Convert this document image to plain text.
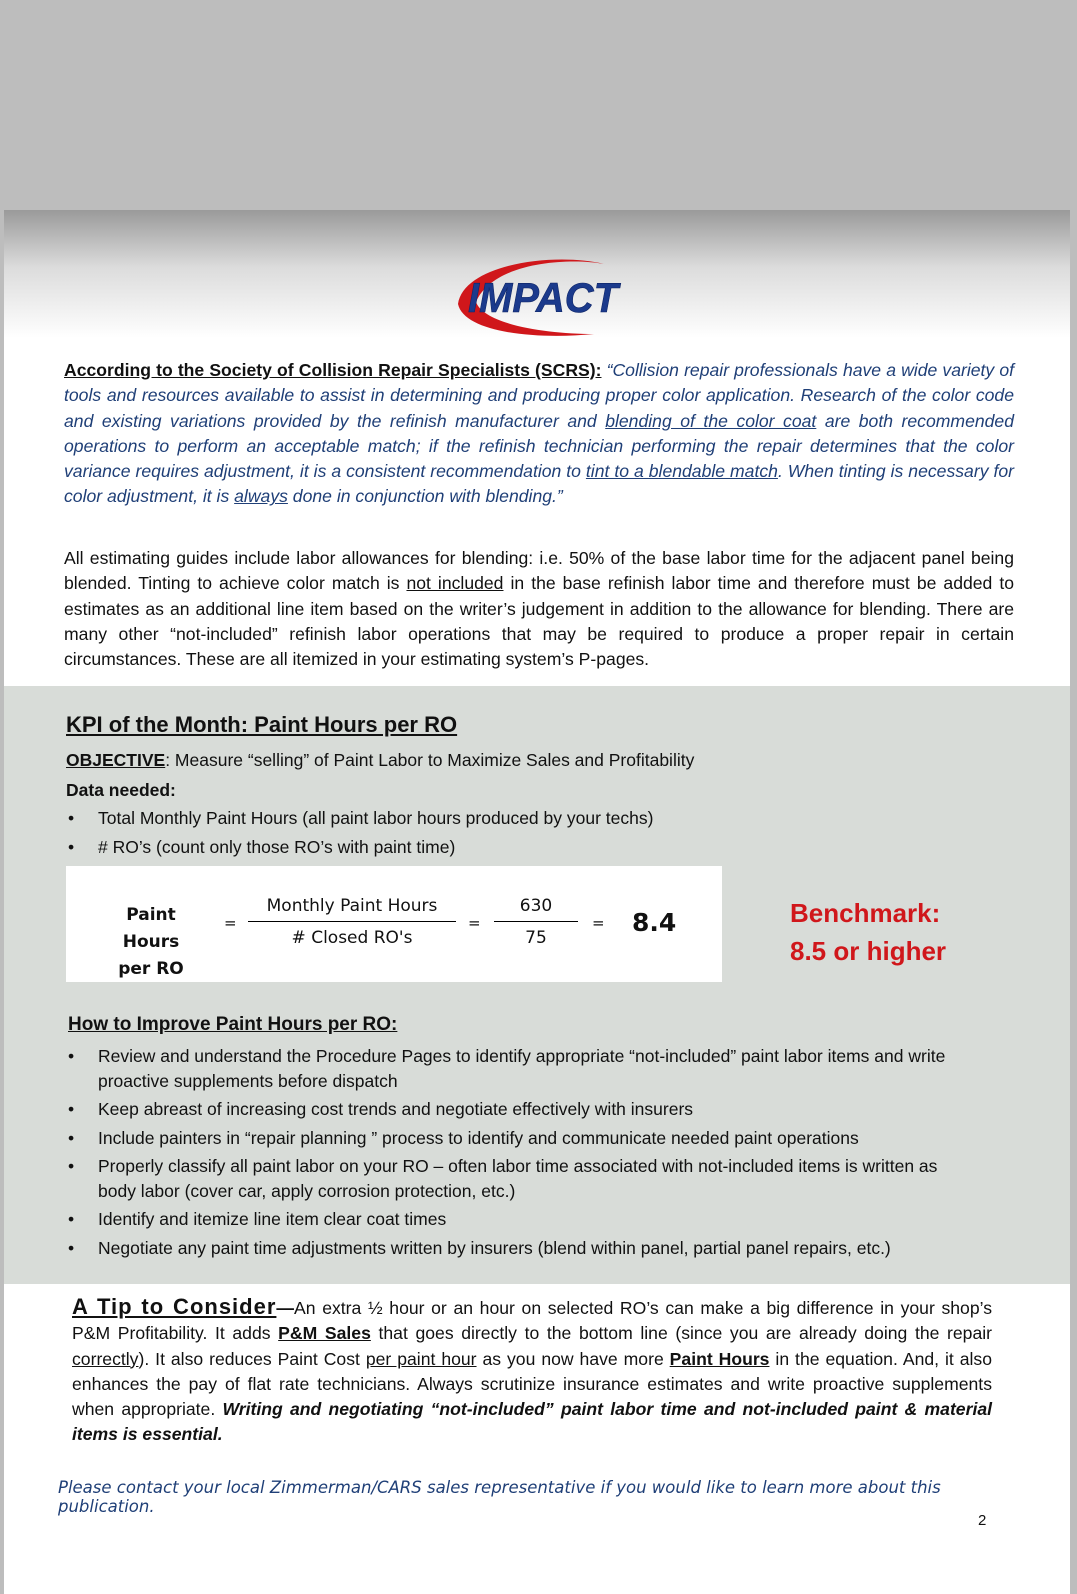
IMPACT
According to the Society of Collision Repair Specialists (SCRS): “Collision repair professionals have a wide variety of tools and resources available to assist in determining and producing proper color application. Research of the color code and existing variations provided by the refinish manufacturer and blending of the color coat are both recommended operations to perform an acceptable match; if the refinish technician performing the repair determines that the color variance requires adjustment, it is a consistent recommendation to tint to a blendable match. When tinting is necessary for color adjustment, it is always done in conjunction with blending.”
All estimating guides include labor allowances for blending: i.e. 50% of the base labor time for the adjacent panel being blended. Tinting to achieve color match is not included in the base refinish labor time and therefore must be added to estimates as an additional line item based on the writer’s judgement in addition to the allowance for blending. There are many other “not-included” refinish labor operations that may be required to produce a proper repair in certain circumstances. These are all itemized in your estimating system’s P-pages.
KPI of the Month: Paint Hours per RO
OBJECTIVE: Measure “selling” of Paint Labor to Maximize Sales and Profitability
Data needed:
• Total Monthly Paint Hours (all paint labor hours produced by your techs)
• # RO’s (count only those RO’s with paint time)
Paint Hours
per RO
=
Monthly Paint Hours
# Closed RO's
= $\frac{630}{75} = 8.4$	Benchmark:
8.5 or higher
How to Improve Paint Hours per RO:
• Review and understand the Procedure Pages to identify appropriate “not-included” paint labor items and write proactive supplements before dispatch
• Keep abreast of increasing cost trends and negotiate effectively with insurers
• Include painters in “repair planning ” process to identify and communicate needed paint operations
• Properly classify all paint labor on your RO – often labor time associated with not-included items is written as body labor (cover car, apply corrosion protection, etc.)
• Identify and itemize line item clear coat times
• Negotiate any paint time adjustments written by insurers (blend within panel, partial panel repairs, etc.)
A Tip to Consider—An extra ½ hour or an hour on selected RO’s can make a big difference in your shop’s P&M Profitability. It adds P&M Sales that goes directly to the bottom line (since you are already doing the repair correctly). It also reduces Paint Cost per paint hour as you now have more Paint Hours in the equation. And, it also enhances the pay of flat rate technicians. Always scrutinize insurance estimates and write proactive supplements when appropriate. Writing and negotiating “not-included” paint labor time and not-included paint & material items is essential.
Please contact your local Zimmerman/CARS sales representative if you would like to learn more about this publication.
2
